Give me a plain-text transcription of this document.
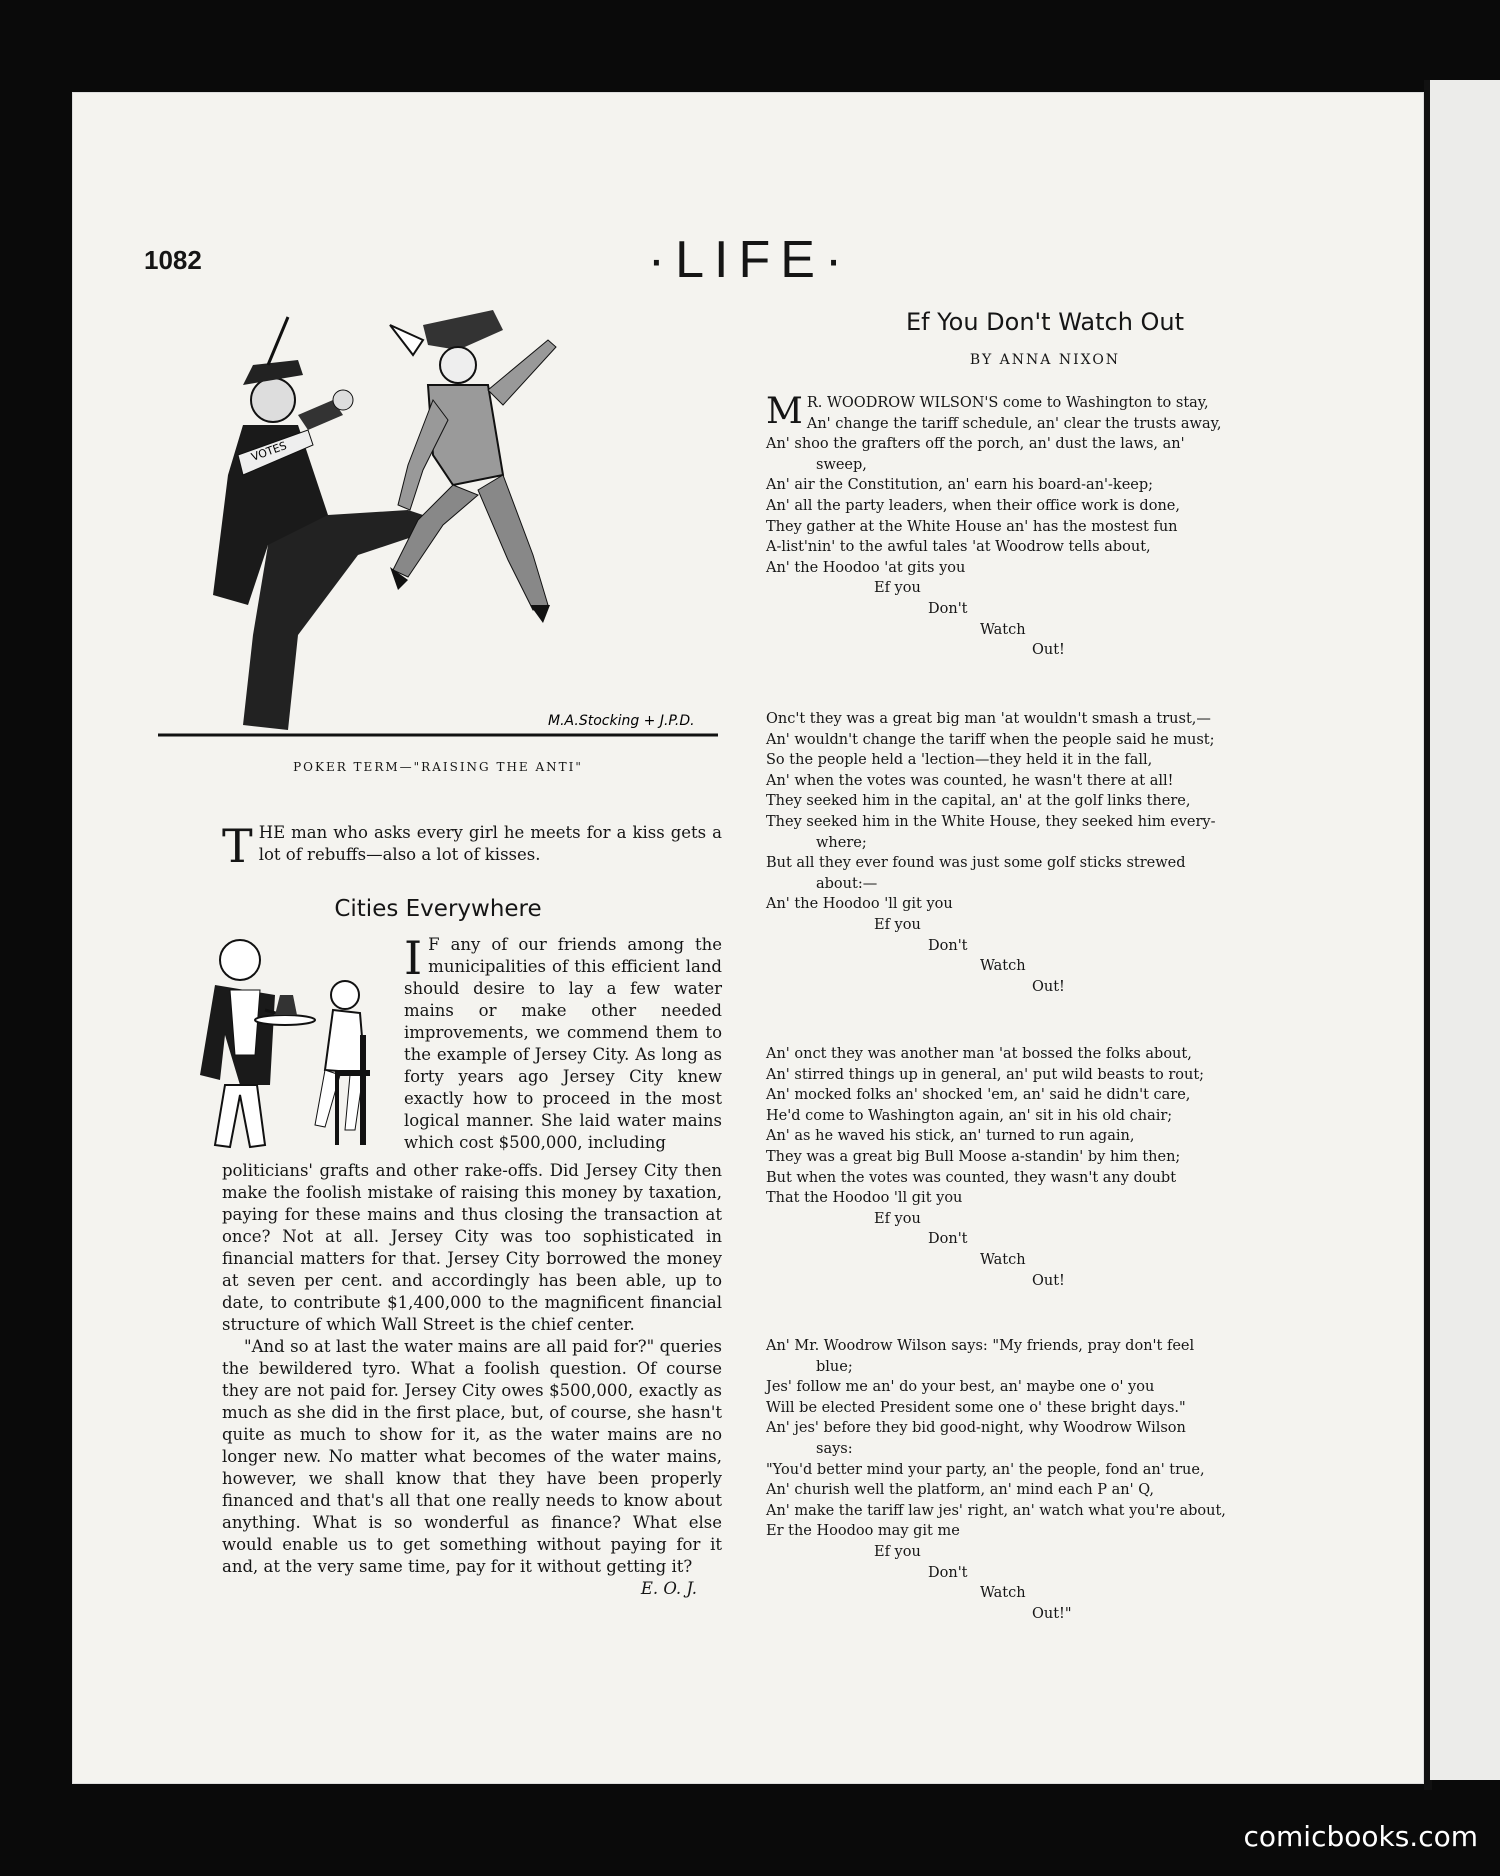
1082	·LIFE·
VOTES
M.A.Stocking + J.P.D.
POKER TERM—"RAISING THE ANTI"
THE man who asks every girl he meets for a kiss gets a lot of rebuffs—also a lot of kisses.
Cities Everywhere
I F any of our friends among the municipalities of this efficient land should desire to lay a few water mains or make other needed improvements, we commend them to the example of Jersey City. As long as forty years ago Jersey City knew exactly how to proceed in the most logical manner. She laid water mains which cost $500,000, including
politicians' grafts and other rake-offs. Did Jersey City then make the foolish mistake of raising this money by taxation, paying for these mains and thus closing the transaction at once? Not at all. Jersey City was too sophisticated in financial matters for that. Jersey City borrowed the money at seven per cent. and accordingly has been able, up to date, to contribute $1,400,000 to the magnificent financial structure of which Wall Street is the chief center.
"And so at last the water mains are all paid for?" queries the bewildered tyro. What a foolish question. Of course they are not paid for. Jersey City owes $500,000, exactly as much as she did in the first place, but, of course, she hasn't quite as much to show for it, as the water mains are no longer new. No matter what becomes of the water mains, however, we shall know that they have been properly financed and that's all that one really needs to know about anything. What is so wonderful as finance? What else would enable us to get something without paying for it and, at the very same time, pay for it without getting it?
E. O. J.
Ef You Don't Watch Out
BY ANNA NIXON
M R. WOODROW WILSON'S come to Washington to stay,
An' change the tariff schedule, an' clear the trusts away,
An' shoo the grafters off the porch, an' dust the laws, an'
sweep,
An' air the Constitution, an' earn his board-an'-keep;
An' all the party leaders, when their office work is done,
They gather at the White House an' has the mostest fun
A-list'nin' to the awful tales 'at Woodrow tells about,
An' the Hoodoo 'at gits you
Ef you
Don't
Watch
Out!
Onc't they was a great big man 'at wouldn't smash a trust,—
An' wouldn't change the tariff when the people said he must;
So the people held a 'lection—they held it in the fall,
An' when the votes was counted, he wasn't there at all!
They seeked him in the capital, an' at the golf links there,
They seeked him in the White House, they seeked him every-
where;
But all they ever found was just some golf sticks strewed
about:—
An' the Hoodoo 'll git you
Ef you
Don't
Watch
Out!
An' onct they was another man 'at bossed the folks about,
An' stirred things up in general, an' put wild beasts to rout;
An' mocked folks an' shocked 'em, an' said he didn't care,
He'd come to Washington again, an' sit in his old chair;
An' as he waved his stick, an' turned to run again,
They was a great big Bull Moose a-standin' by him then;
But when the votes was counted, they wasn't any doubt
That the Hoodoo 'll git you
Ef you
Don't
Watch
Out!
An' Mr. Woodrow Wilson says: "My friends, pray don't feel
blue;
Jes' follow me an' do your best, an' maybe one o' you
Will be elected President some one o' these bright days."
An' jes' before they bid good-night, why Woodrow Wilson
says:
"You'd better mind your party, an' the people, fond an' true,
An' churish well the platform, an' mind each P an' Q,
An' make the tariff law jes' right, an' watch what you're about,
Er the Hoodoo may git me
Ef you
Don't
Watch
Out!"
comicbooks.com
